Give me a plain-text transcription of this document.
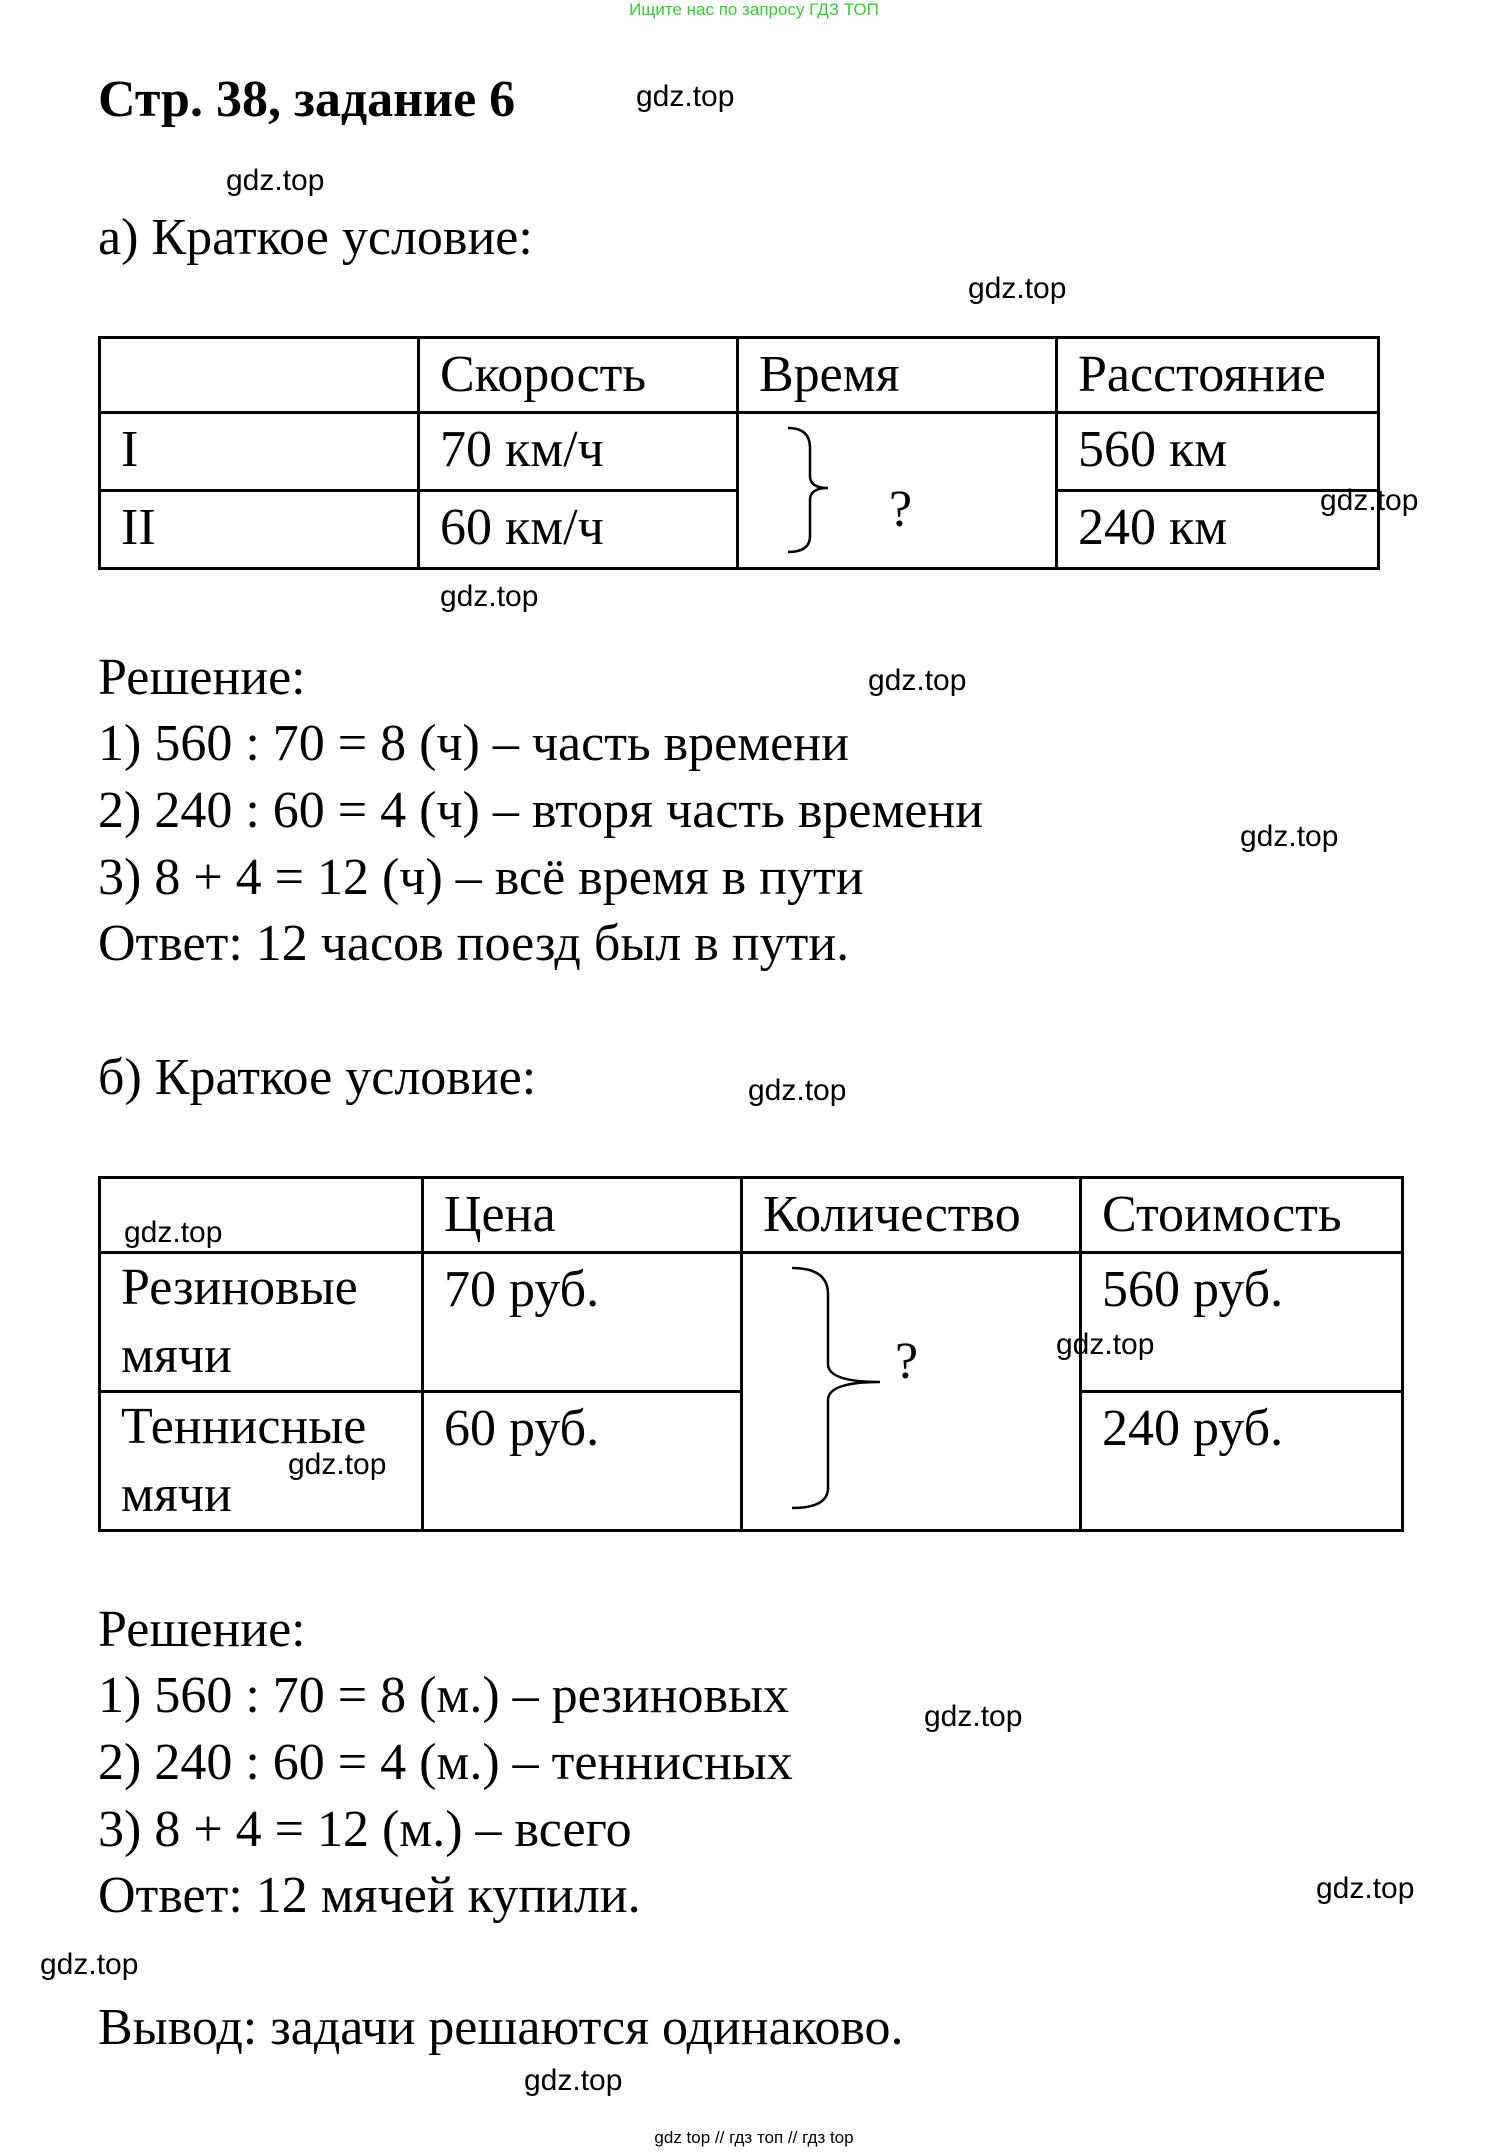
Ищите нас по запросу ГДЗ ТОП
Стр. 38, задание 6
а) Краткое условие:
	Скорость	Время	Расстояние
I	70 км/ч	?	560 км
II	60 км/ч		240 км
Решение:
1) 560 : 70 = 8 (ч) – часть времени
2) 240 : 60 = 4 (ч) – вторя часть времени
3) 8 + 4 = 12 (ч) – всё время в пути
Ответ: 12 часов поезд был в пути.
б) Краткое условие:
	Цена	Количество	Стоимость

Резиновые
мячи	70 руб.	?	560 руб.

Теннисные
мячи	60 руб.		240 руб.
Решение:
1) 560 : 70 = 8 (м.) – резиновых
2) 240 : 60 = 4 (м.) – теннисных
3) 8 + 4 = 12 (м.) – всего
Ответ: 12 мячей купили.
Вывод: задачи решаются одинаково.
gdz.top
gdz.top
gdz.top
gdz.top
gdz.top
gdz.top
gdz.top
gdz.top
gdz.top
gdz.top
gdz.top
gdz.top
gdz.top
gdz.top
gdz.top
gdz top // гдз топ // гдз top
